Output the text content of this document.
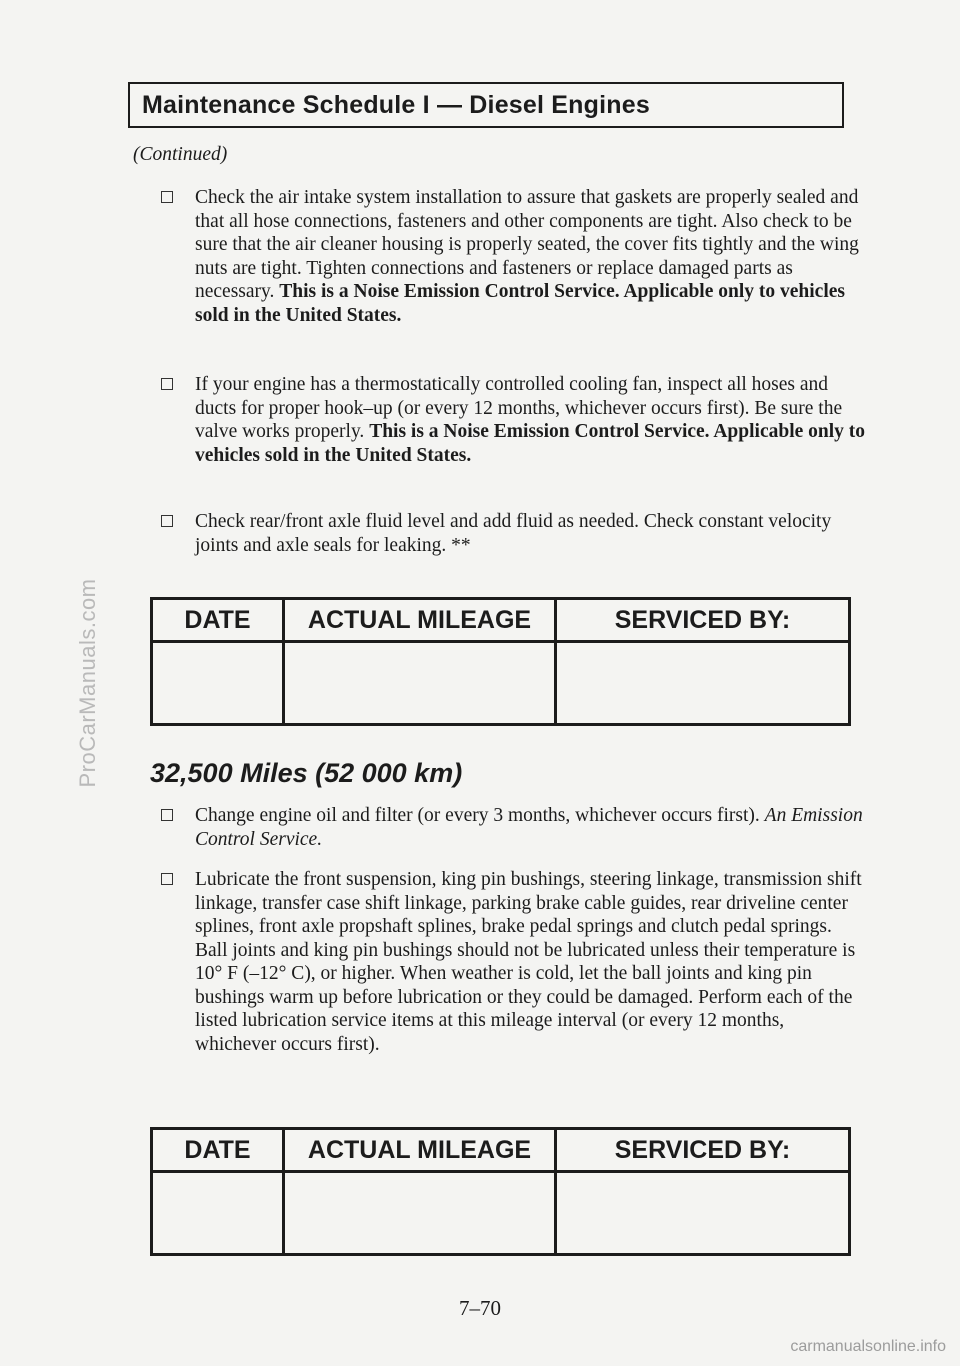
ProCarManuals.com
carmanualsonline.info
Maintenance Schedule I — Diesel Engines
(Continued)
Check the air intake system installation to assure that gaskets are properly sealed and that all hose connections, fasteners and other components are tight. Also check to be sure that the air cleaner housing is properly seated, the cover fits tightly and the wing nuts are tight. Tighten connections and fasteners or replace damaged parts as necessary. This is a Noise Emission Control Service. Applicable only to vehicles sold in the United States.
If your engine has a thermostatically controlled cooling fan, inspect all hoses and ducts for proper hook–up (or every 12 months, whichever occurs first). Be sure the valve works properly. This is a Noise Emission Control Service. Applicable only to vehicles sold in the United States.
Check rear/front axle fluid level and add fluid as needed. Check constant velocity joints and axle seals for leaking. **
DATE	ACTUAL MILEAGE	SERVICED BY:

32,500 Miles (52 000 km)
Change engine oil and filter (or every 3 months, whichever occurs first). An Emission Control Service.
Lubricate the front suspension, king pin bushings, steering linkage, transmission shift linkage, transfer case shift linkage, parking brake cable guides, rear driveline center splines, front axle propshaft splines, brake pedal springs and clutch pedal springs. Ball joints and king pin bushings should not be lubricated unless their temperature is 10° F (–12° C), or higher. When weather is cold, let the ball joints and king pin bushings warm up before lubrication or they could be damaged. Perform each of the listed lubrication service items at this mileage interval (or every 12 months, whichever occurs first).
DATE	ACTUAL MILEAGE	SERVICED BY:

7–70
